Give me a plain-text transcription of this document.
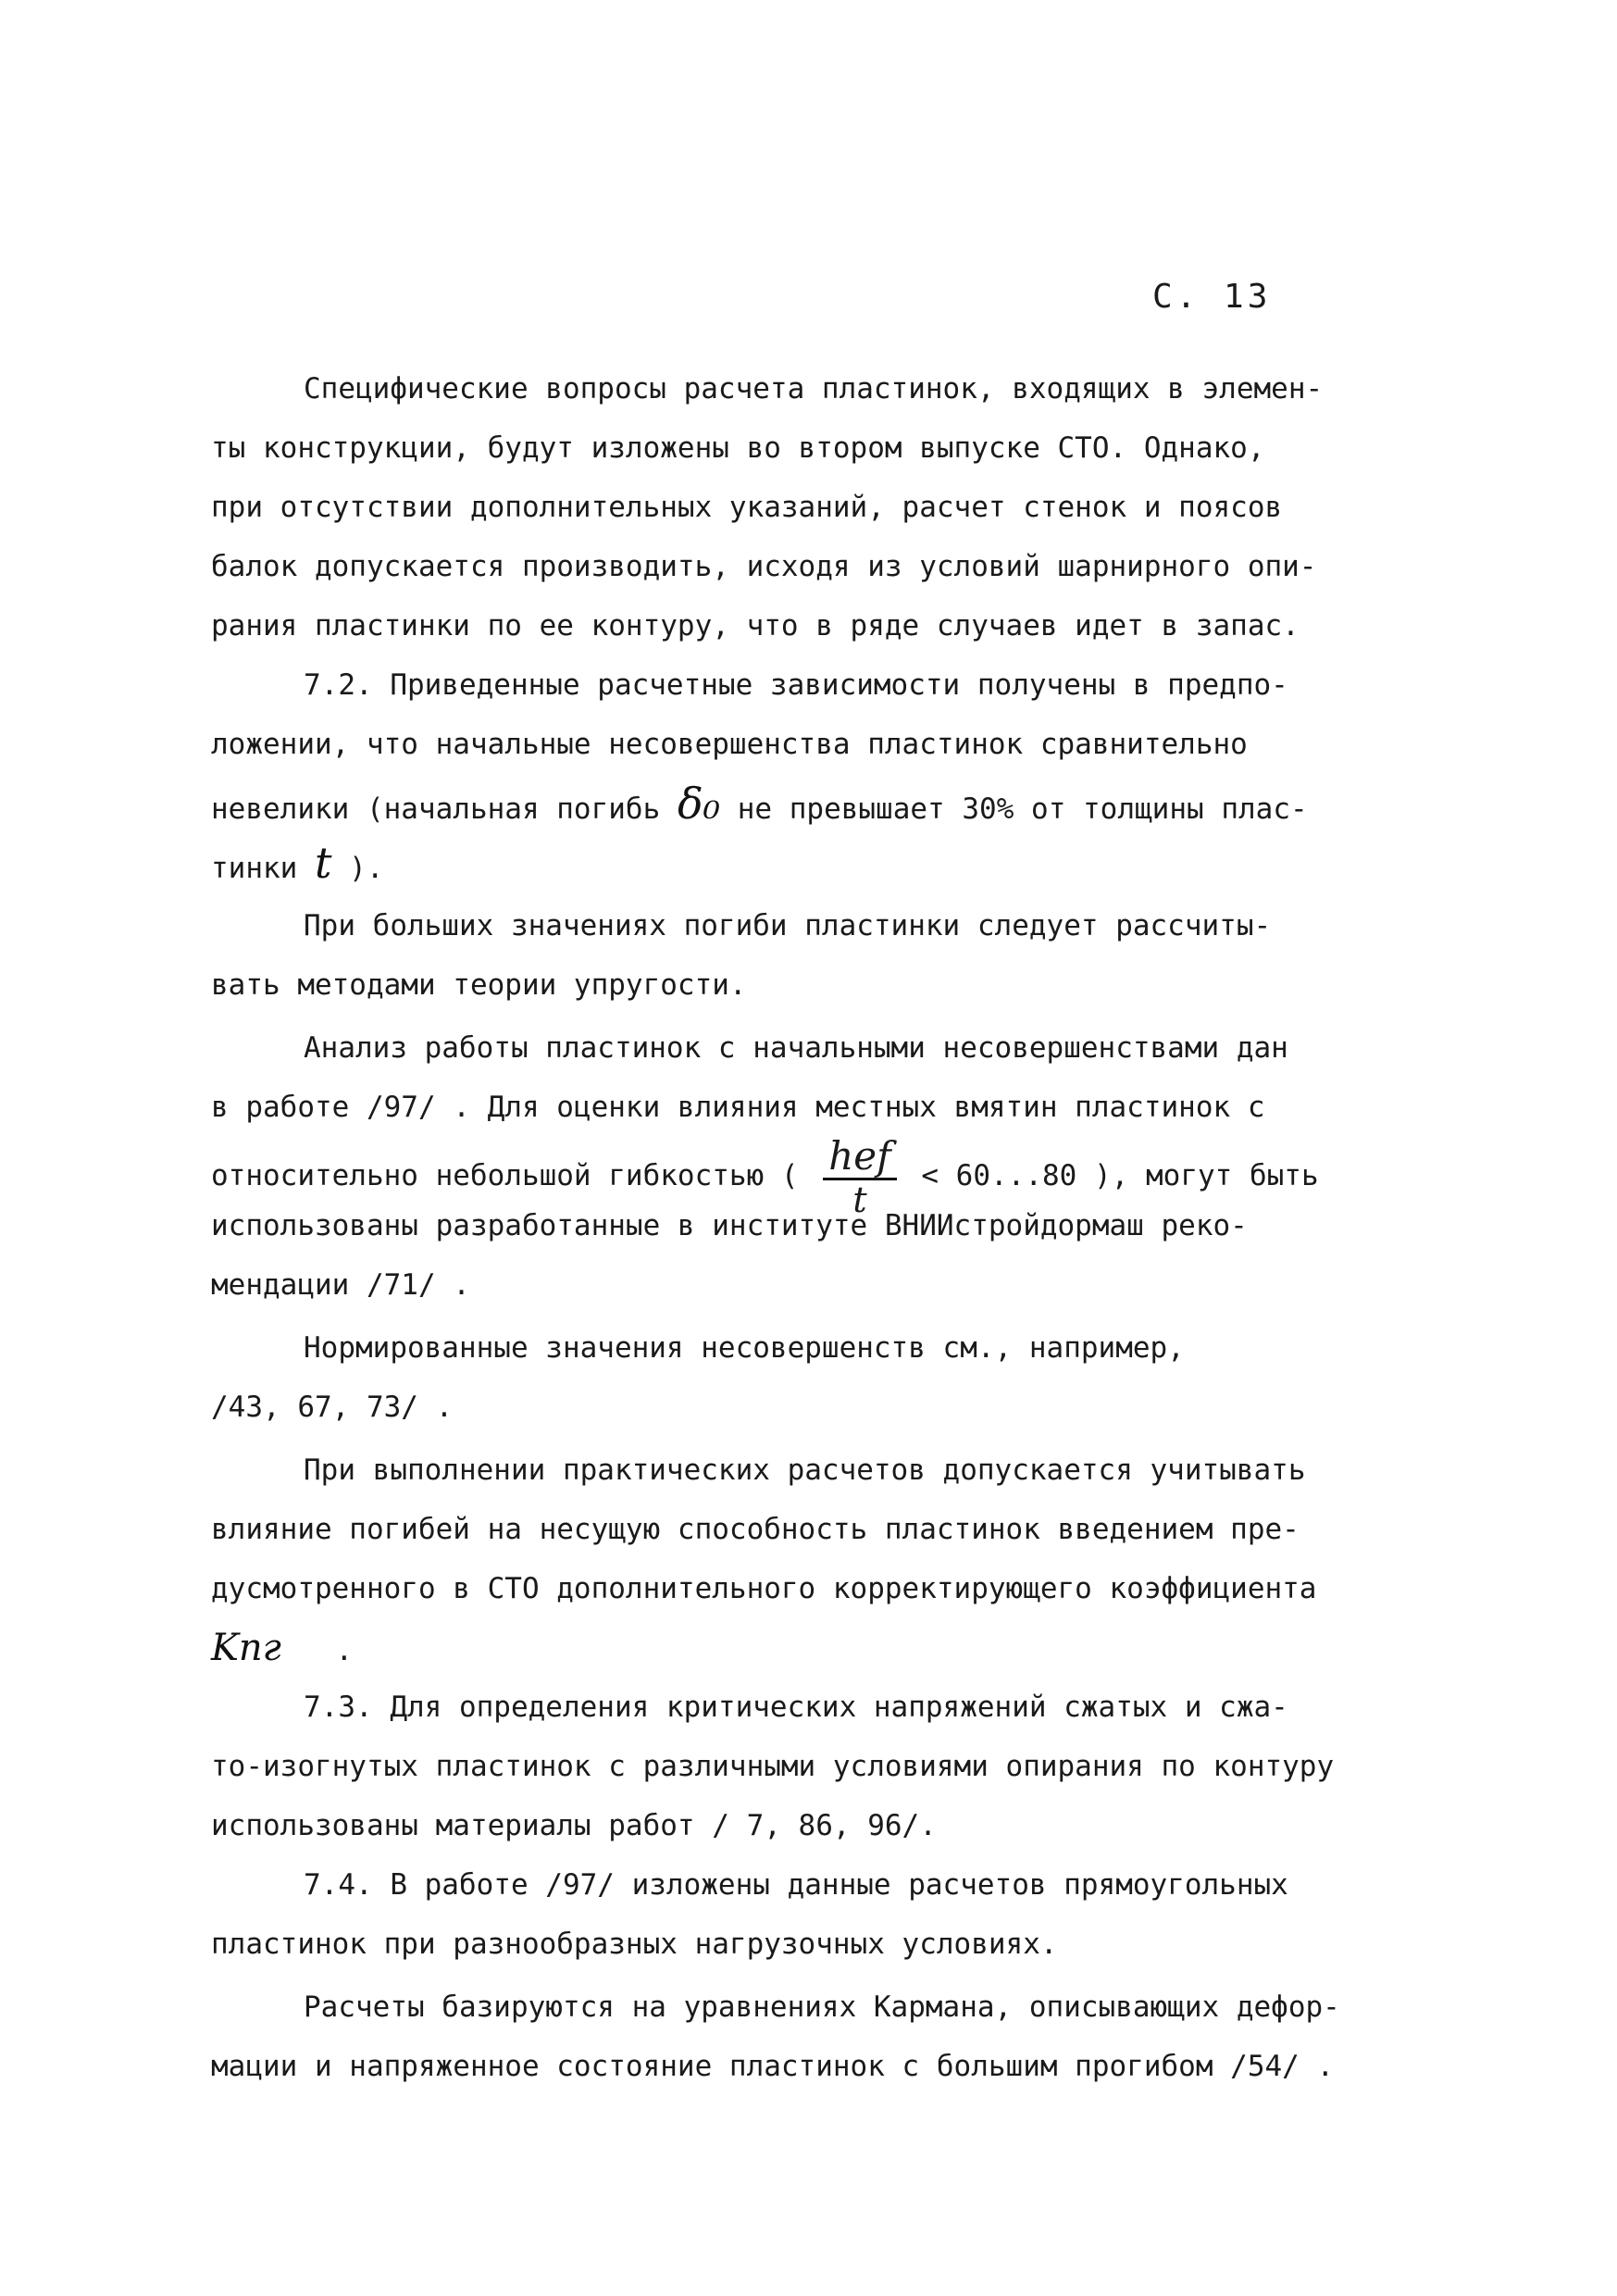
С. 13
Специфические вопросы расчета пластинок, входящих в элемен-
ты конструкции, будут изложены во втором выпуске СТО. Однако,
при отсутствии дополнительных указаний, расчет стенок и поясов
балок допускается производить, исходя из условий шарнирного опи-
рания пластинки по ее контуру, что в ряде случаев идет в запас.
7.2. Приведенные расчетные зависимости получены в предпо-
ложении, что начальные несовершенства пластинок сравнительно
невелики (начальная погибь δ₀ не превышает 30% от толщины плас-
тинки t ).
При больших значениях погиби пластинки следует рассчиты-
вать методами теории упругости.
Анализ работы пластинок с начальными несовершенствами дан
в работе /97/ . Для оценки влияния местных вмятин пластинок с
относительно небольшой гибкостью ( $\frac{\text{hef}}{t} < 60...80$ ), могут быть
использованы разработанные в институте ВНИИстройдормаш реко-
мендации /71/ .
Нормированные значения несовершенств см., например,
/43, 67, 73/ .
При выполнении практических расчетов допускается учитывать
влияние погибей на несущую способность пластинок введением пре-
дусмотренного в СТО дополнительного корректирующего коэффициента
Kпг .
7.3. Для определения критических напряжений сжатых и сжа-
то-изогнутых пластинок с различными условиями опирания по контуру
использованы материалы работ / 7, 86, 96/.
7.4. В работе /97/ изложены данные расчетов прямоугольных
пластинок при разнообразных нагрузочных условиях.
Расчеты базируются на уравнениях Кармана, описывающих дефор-
мации и напряженное состояние пластинок с большим прогибом /54/ .
